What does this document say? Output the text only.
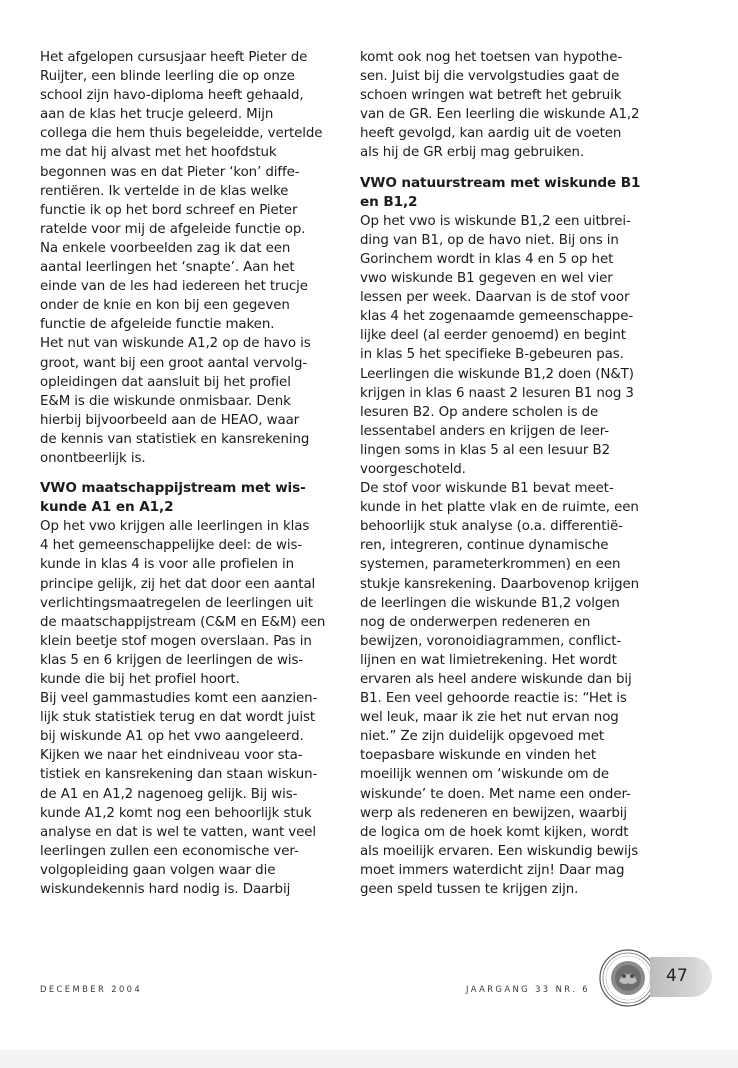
Het afgelopen cursusjaar heeft Pieter de
Ruijter, een blinde leerling die op onze
school zijn havo-diploma heeft gehaald,
aan de klas het trucje geleerd. Mijn
collega die hem thuis begeleidde, vertelde
me dat hij alvast met het hoofdstuk
begonnen was en dat Pieter ‘kon’ diffe-
rentiëren. Ik vertelde in de klas welke
functie ik op het bord schreef en Pieter
ratelde voor mij de afgeleide functie op.
Na enkele voorbeelden zag ik dat een
aantal leerlingen het ‘snapte’. Aan het
einde van de les had iedereen het trucje
onder de knie en kon bij een gegeven
functie de afgeleide functie maken.
Het nut van wiskunde A1,2 op de havo is
groot, want bij een groot aantal vervolg-
opleidingen dat aansluit bij het profiel
E&M is die wiskunde onmisbaar. Denk
hierbij bijvoorbeeld aan de HEAO, waar
de kennis van statistiek en kansrekening
onontbeerlijk is.
VWO maatschappijstream met wis-
kunde A1 en A1,2
Op het vwo krijgen alle leerlingen in klas
4 het gemeenschappelijke deel: de wis-
kunde in klas 4 is voor alle profielen in
principe gelijk, zij het dat door een aantal
verlichtingsmaatregelen de leerlingen uit
de maatschappijstream (C&M en E&M) een
klein beetje stof mogen overslaan. Pas in
klas 5 en 6 krijgen de leerlingen de wis-
kunde die bij het profiel hoort.
Bij veel gammastudies komt een aanzien-
lijk stuk statistiek terug en dat wordt juist
bij wiskunde A1 op het vwo aangeleerd.
Kijken we naar het eindniveau voor sta-
tistiek en kansrekening dan staan wiskun-
de A1 en A1,2 nagenoeg gelijk. Bij wis-
kunde A1,2 komt nog een behoorlijk stuk
analyse en dat is wel te vatten, want veel
leerlingen zullen een economische ver-
volgopleiding gaan volgen waar die
wiskundekennis hard nodig is. Daarbij
komt ook nog het toetsen van hypothe-
sen. Juist bij die vervolgstudies gaat de
schoen wringen wat betreft het gebruik
van de GR. Een leerling die wiskunde A1,2
heeft gevolgd, kan aardig uit de voeten
als hij de GR erbij mag gebruiken.
VWO natuurstream met wiskunde B1
en B1,2
Op het vwo is wiskunde B1,2 een uitbrei-
ding van B1, op de havo niet. Bij ons in
Gorinchem wordt in klas 4 en 5 op het
vwo wiskunde B1 gegeven en wel vier
lessen per week. Daarvan is de stof voor
klas 4 het zogenaamde gemeenschappe-
lijke deel (al eerder genoemd) en begint
in klas 5 het specifieke B-gebeuren pas.
Leerlingen die wiskunde B1,2 doen (N&T)
krijgen in klas 6 naast 2 lesuren B1 nog 3
lesuren B2. Op andere scholen is de
lessentabel anders en krijgen de leer-
lingen soms in klas 5 al een lesuur B2
voorgeschoteld.
De stof voor wiskunde B1 bevat meet-
kunde in het platte vlak en de ruimte, een
behoorlijk stuk analyse (o.a. differentië-
ren, integreren, continue dynamische
systemen, parameterkrommen) en een
stukje kansrekening. Daarbovenop krijgen
de leerlingen die wiskunde B1,2 volgen
nog de onderwerpen redeneren en
bewijzen, voronoidiagrammen, conflict-
lijnen en wat limietrekening. Het wordt
ervaren als heel andere wiskunde dan bij
B1. Een veel gehoorde reactie is: “Het is
wel leuk, maar ik zie het nut ervan nog
niet.” Ze zijn duidelijk opgevoed met
toepasbare wiskunde en vinden het
moeilijk wennen om ‘wiskunde om de
wiskunde’ te doen. Met name een onder-
werp als redeneren en bewijzen, waarbij
de logica om de hoek komt kijken, wordt
als moeilijk ervaren. Een wiskundig bewijs
moet immers waterdicht zijn! Daar mag
geen speld tussen te krijgen zijn.
DECEMBER 2004	JAARGANG 33 NR. 6
47
